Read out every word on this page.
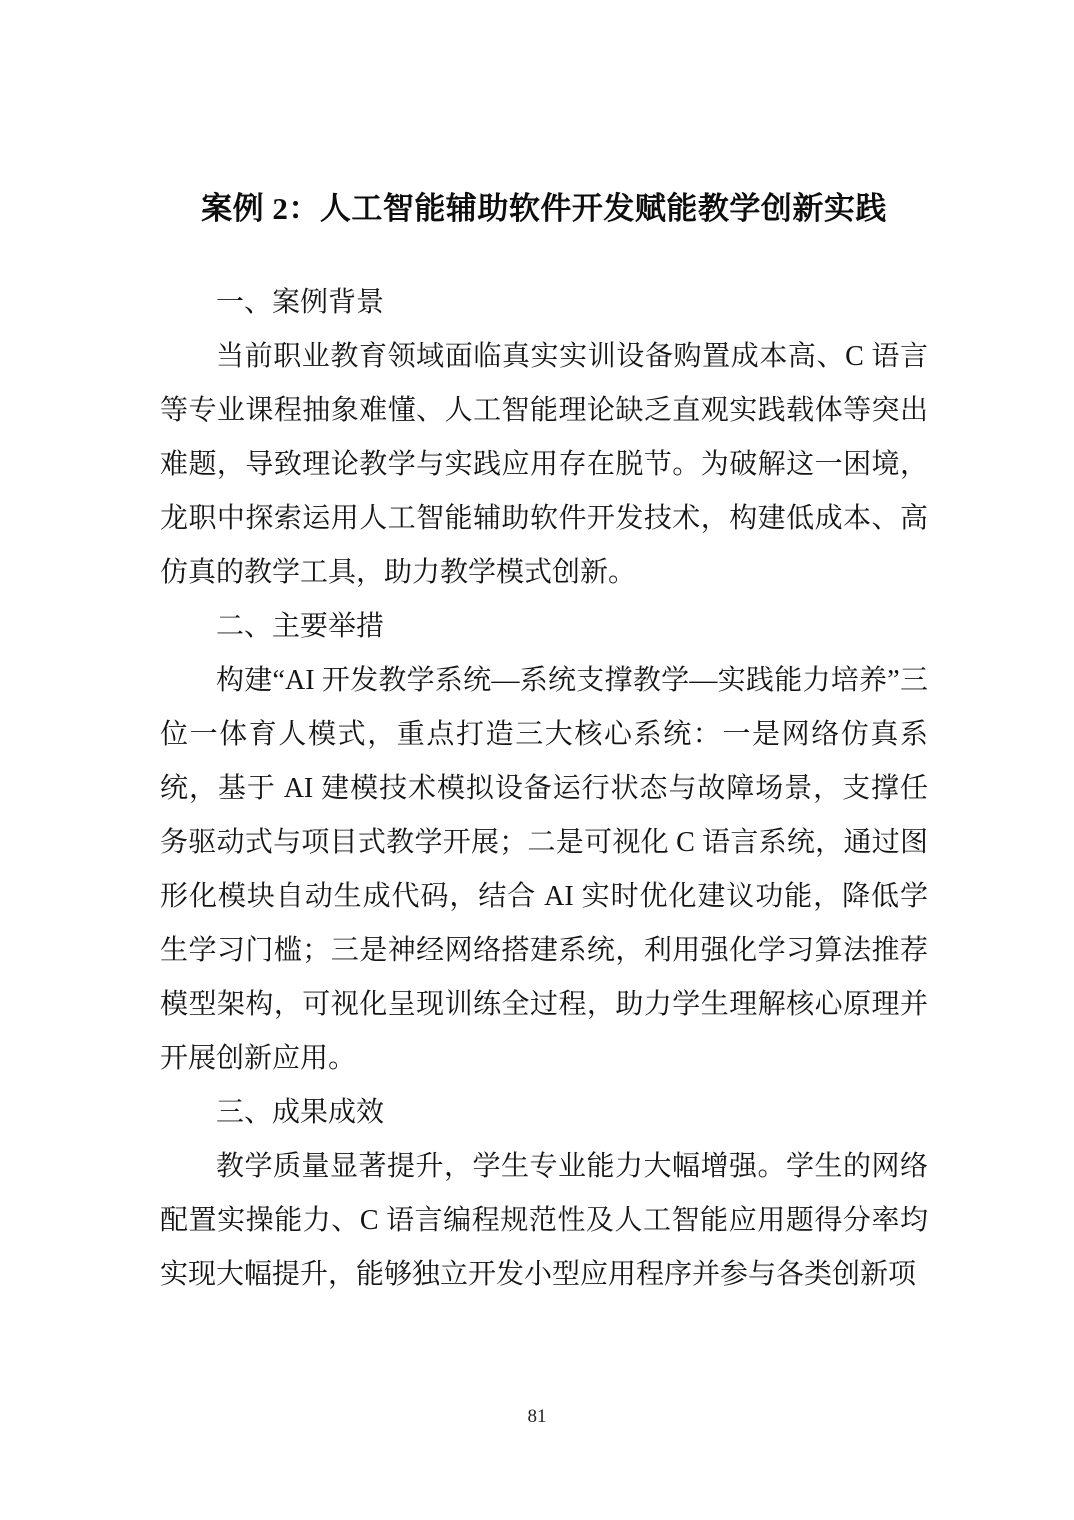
案例 2：人工智能辅助软件开发赋能教学创新实践
一、案例背景

当前职业教育领域面临真实实训设备购置成本高、C 语言等专业课程抽象难懂、人工智能理论缺乏直观实践载体等突出难题，导致理论教学与实践应用存在脱节。为破解这一困境，龙职中探索运用人工智能辅助软件开发技术，构建低成本、高仿真的教学工具，助力教学模式创新。

二、主要举措

构建“AI 开发教学系统—系统支撑教学—实践能力培养”三位一体育人模式，重点打造三大核心系统：一是网络仿真系统，基于 AI 建模技术模拟设备运行状态与故障场景，支撑任务驱动式与项目式教学开展；二是可视化 C 语言系统，通过图形化模块自动生成代码，结合 AI 实时优化建议功能，降低学生学习门槛；三是神经网络搭建系统，利用强化学习算法推荐模型架构，可视化呈现训练全过程，助力学生理解核心原理并开展创新应用。

三、成果成效

教学质量显著提升，学生专业能力大幅增强。学生的网络配置实操能力、C 语言编程规范性及人工智能应用题得分率均实现大幅提升，能够独立开发小型应用程序并参与各类创新项

81
